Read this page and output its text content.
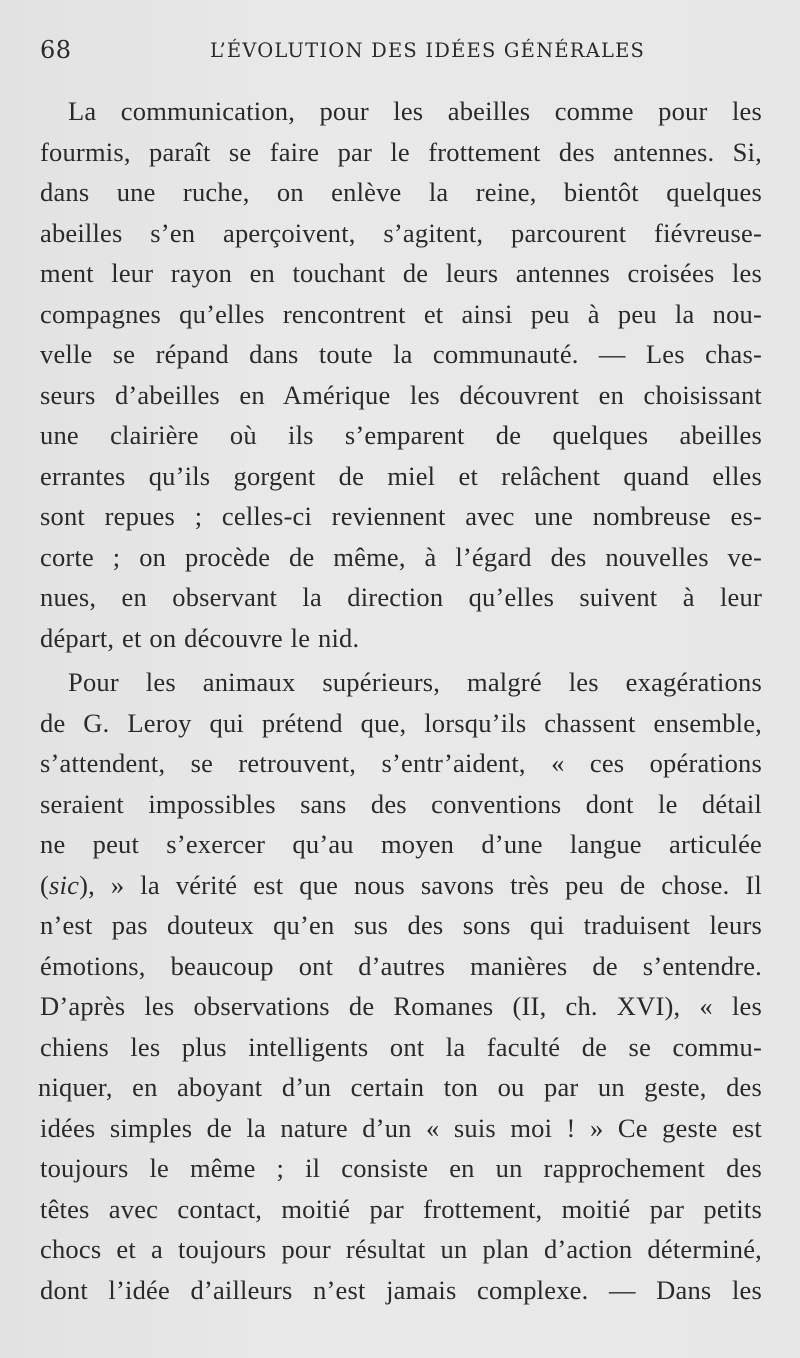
68	L’ÉVOLUTION DES IDÉES GÉNÉRALES
La communication, pour les abeilles comme pour les
fourmis, paraît se faire par le frottement des antennes. Si,
dans une ruche, on enlève la reine, bientôt quelques
abeilles s’en aperçoivent, s’agitent, parcourent fiévreuse-
ment leur rayon en touchant de leurs antennes croisées les
compagnes qu’elles rencontrent et ainsi peu à peu la nou-
velle se répand dans toute la communauté. — Les chas-
seurs d’abeilles en Amérique les découvrent en choisissant
une clairière où ils s’emparent de quelques abeilles
errantes qu’ils gorgent de miel et relâchent quand elles
sont repues ; celles-ci reviennent avec une nombreuse es-
corte ; on procède de même, à l’égard des nouvelles ve-
nues, en observant la direction qu’elles suivent à leur
départ, et on découvre le nid.
Pour les animaux supérieurs, malgré les exagérations
de G. Leroy qui prétend que, lorsqu’ils chassent ensemble,
s’attendent, se retrouvent, s’entr’aident, « ces opérations
seraient impossibles sans des conventions dont le détail
ne peut s’exercer qu’au moyen d’une langue articulée
(sic), » la vérité est que nous savons très peu de chose. Il
n’est pas douteux qu’en sus des sons qui traduisent leurs
émotions, beaucoup ont d’autres manières de s’entendre.
D’après les observations de Romanes (II, ch. XVI), « les
chiens les plus intelligents ont la faculté de se commu-
niquer, en aboyant d’un certain ton ou par un geste, des
idées simples de la nature d’un « suis moi ! » Ce geste est
toujours le même ; il consiste en un rapprochement des
têtes avec contact, moitié par frottement, moitié par petits
chocs et a toujours pour résultat un plan d’action déterminé,
dont l’idée d’ailleurs n’est jamais complexe. — Dans les
